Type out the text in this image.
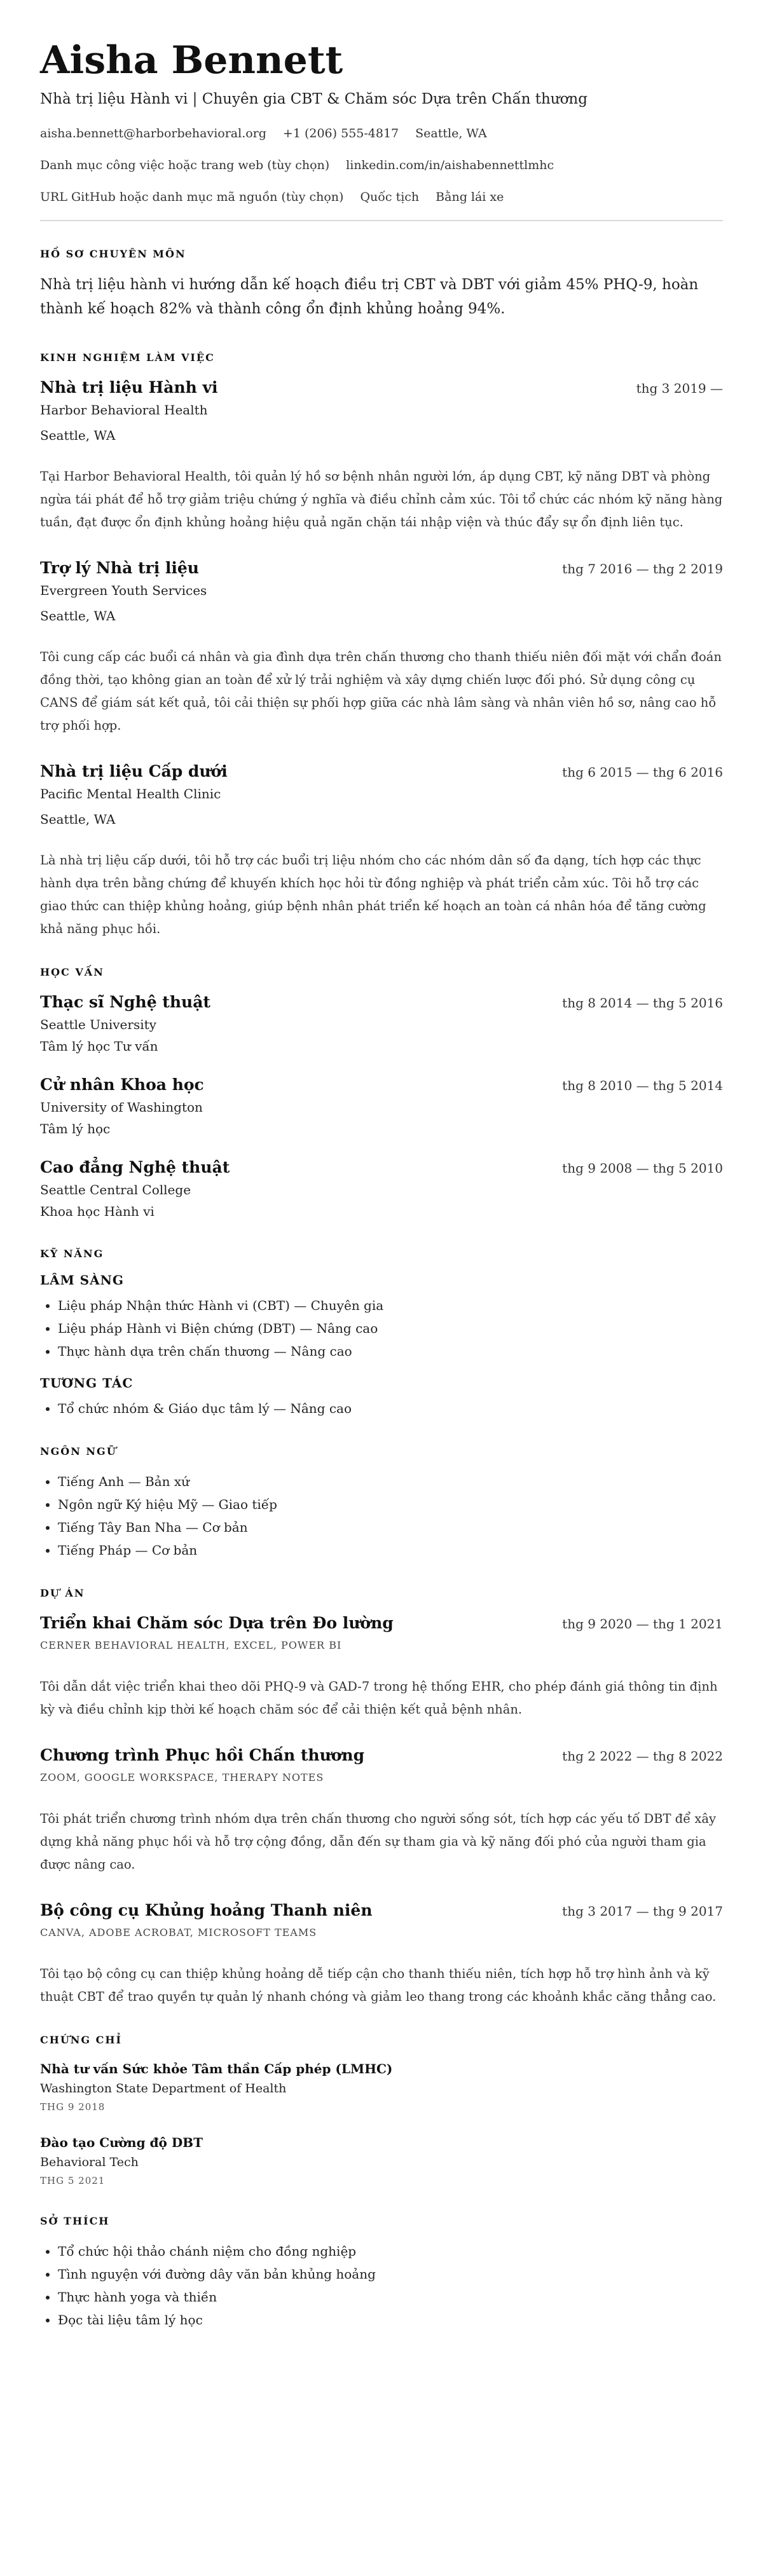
Aisha Bennett
Nhà trị liệu Hành vi | Chuyên gia CBT & Chăm sóc Dựa trên Chấn thương
aisha.bennett@harborbehavioral.org +1 (206) 555-4817 Seattle, WA
Danh mục công việc hoặc trang web (tùy chọn) linkedin.com/in/aishabennettlmhc
URL GitHub hoặc danh mục mã nguồn (tùy chọn) Quốc tịch Bằng lái xe
HỒ SƠ CHUYÊN MÔN

Nhà trị liệu hành vi hướng dẫn kế hoạch điều trị CBT và DBT với giảm 45% PHQ-9, hoàn thành kế hoạch 82% và thành công ổn định khủng hoảng 94%.

KINH NGHIỆM LÀM VIỆC
Nhà trị liệu Hành vi	thg 3 2019 —
Harbor Behavioral Health
Seattle, WA

Tại Harbor Behavioral Health, tôi quản lý hồ sơ bệnh nhân người lớn, áp dụng CBT, kỹ năng DBT và phòng ngừa tái phát để hỗ trợ giảm triệu chứng ý nghĩa và điều chỉnh cảm xúc. Tôi tổ chức các nhóm kỹ năng hàng tuần, đạt được ổn định khủng hoảng hiệu quả ngăn chặn tái nhập viện và thúc đẩy sự ổn định liên tục.

Trợ lý Nhà trị liệu	thg 7 2016 — thg 2 2019
Evergreen Youth Services
Seattle, WA

Tôi cung cấp các buổi cá nhân và gia đình dựa trên chấn thương cho thanh thiếu niên đối mặt với chẩn đoán đồng thời, tạo không gian an toàn để xử lý trải nghiệm và xây dựng chiến lược đối phó. Sử dụng công cụ CANS để giám sát kết quả, tôi cải thiện sự phối hợp giữa các nhà lâm sàng và nhân viên hồ sơ, nâng cao hỗ trợ phối hợp.

Nhà trị liệu Cấp dưới	thg 6 2015 — thg 6 2016
Pacific Mental Health Clinic
Seattle, WA

Là nhà trị liệu cấp dưới, tôi hỗ trợ các buổi trị liệu nhóm cho các nhóm dân số đa dạng, tích hợp các thực hành dựa trên bằng chứng để khuyến khích học hỏi từ đồng nghiệp và phát triển cảm xúc. Tôi hỗ trợ các giao thức can thiệp khủng hoảng, giúp bệnh nhân phát triển kế hoạch an toàn cá nhân hóa để tăng cường khả năng phục hồi.

HỌC VẤN
Thạc sĩ Nghệ thuật	thg 8 2014 — thg 5 2016
Seattle University
Tâm lý học Tư vấn
Cử nhân Khoa học	thg 8 2010 — thg 5 2014
University of Washington
Tâm lý học
Cao đẳng Nghệ thuật	thg 9 2008 — thg 5 2010
Seattle Central College
Khoa học Hành vi
KỸ NĂNG
LÂM SÀNG
• Liệu pháp Nhận thức Hành vi (CBT) — Chuyên gia
• Liệu pháp Hành vi Biện chứng (DBT) — Nâng cao
• Thực hành dựa trên chấn thương — Nâng cao
TƯƠNG TÁC
• Tổ chức nhóm & Giáo dục tâm lý — Nâng cao
NGÔN NGỮ
• Tiếng Anh — Bản xứ
• Ngôn ngữ Ký hiệu Mỹ — Giao tiếp
• Tiếng Tây Ban Nha — Cơ bản
• Tiếng Pháp — Cơ bản
DỰ ÁN
Triển khai Chăm sóc Dựa trên Đo lường	thg 9 2020 — thg 1 2021
CERNER BEHAVIORAL HEALTH, EXCEL, POWER BI

Tôi dẫn dắt việc triển khai theo dõi PHQ-9 và GAD-7 trong hệ thống EHR, cho phép đánh giá thông tin định kỳ và điều chỉnh kịp thời kế hoạch chăm sóc để cải thiện kết quả bệnh nhân.

Chương trình Phục hồi Chấn thương	thg 2 2022 — thg 8 2022
ZOOM, GOOGLE WORKSPACE, THERAPY NOTES

Tôi phát triển chương trình nhóm dựa trên chấn thương cho người sống sót, tích hợp các yếu tố DBT để xây dựng khả năng phục hồi và hỗ trợ cộng đồng, dẫn đến sự tham gia và kỹ năng đối phó của người tham gia được nâng cao.

Bộ công cụ Khủng hoảng Thanh niên	thg 3 2017 — thg 9 2017
CANVA, ADOBE ACROBAT, MICROSOFT TEAMS

Tôi tạo bộ công cụ can thiệp khủng hoảng dễ tiếp cận cho thanh thiếu niên, tích hợp hỗ trợ hình ảnh và kỹ thuật CBT để trao quyền tự quản lý nhanh chóng và giảm leo thang trong các khoảnh khắc căng thẳng cao.

CHỨNG CHỈ
Nhà tư vấn Sức khỏe Tâm thần Cấp phép (LMHC)
Washington State Department of Health
THG 9 2018
Đào tạo Cường độ DBT
Behavioral Tech
THG 5 2021
SỞ THÍCH
• Tổ chức hội thảo chánh niệm cho đồng nghiệp
• Tình nguyện với đường dây văn bản khủng hoảng
• Thực hành yoga và thiền
• Đọc tài liệu tâm lý học
